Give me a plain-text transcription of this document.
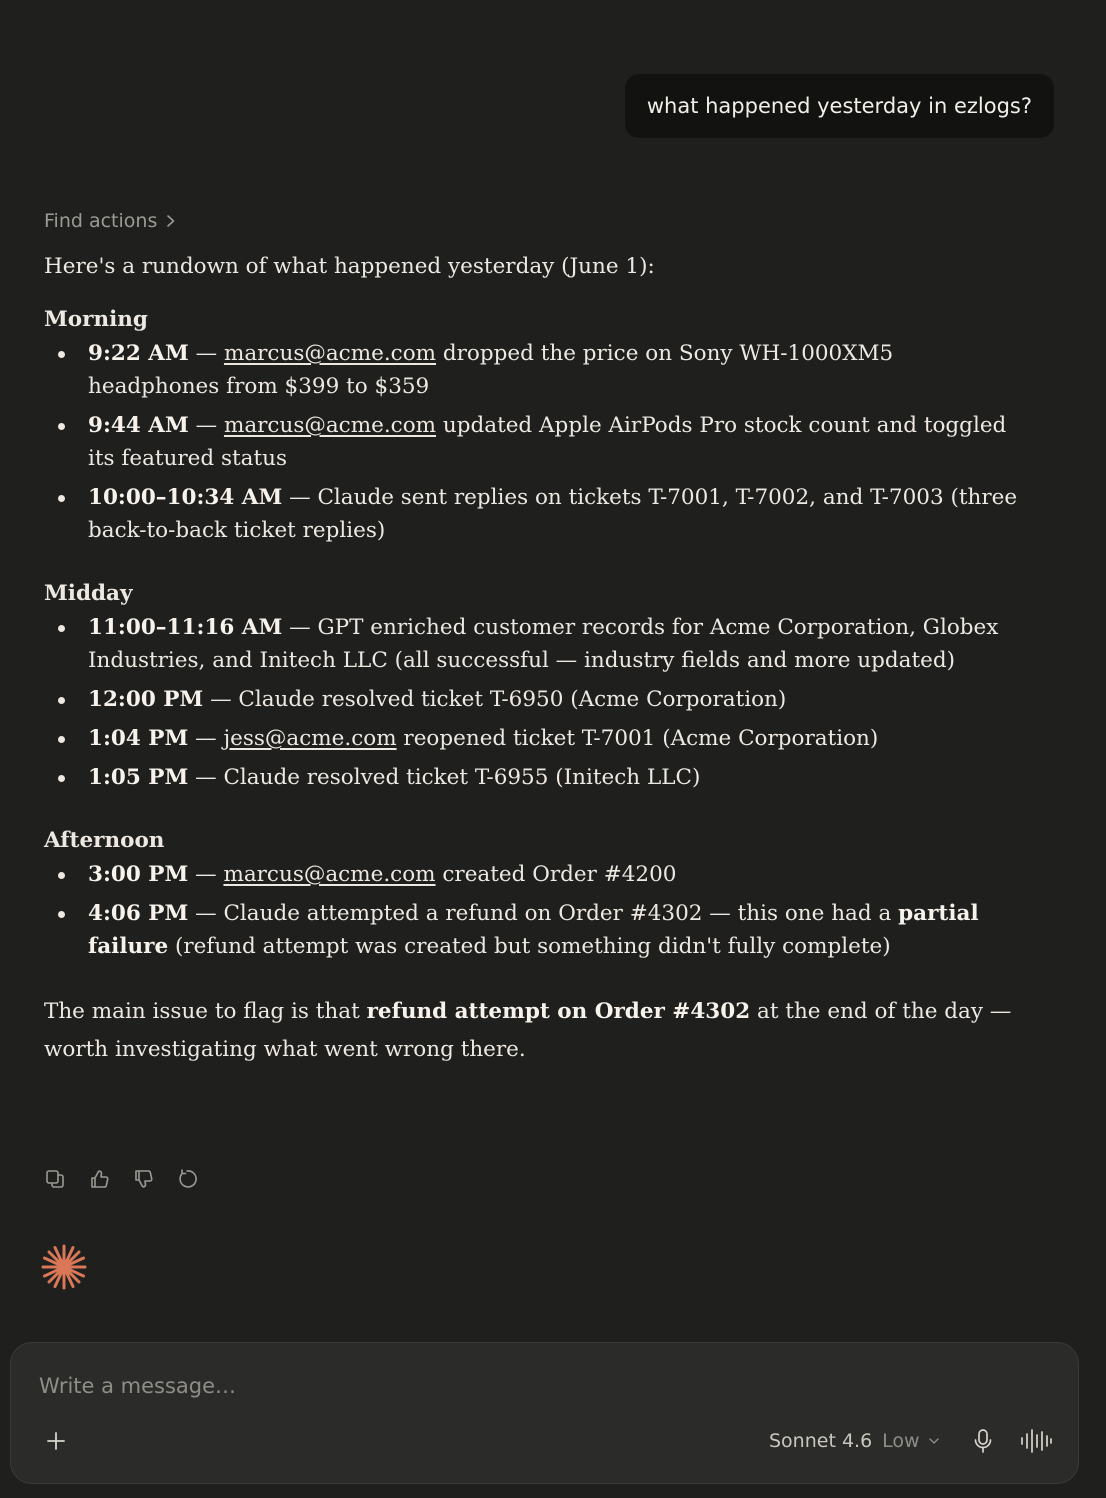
what happened yesterday in ezlogs?
Find actions

Here's a rundown of what happened yesterday (June 1):

Morning

9:22 AM — marcus@acme.com dropped the price on Sony WH-1000XM5 headphones from $399 to $359
9:44 AM — marcus@acme.com updated Apple AirPods Pro stock count and toggled its featured status
10:00–10:34 AM — Claude sent replies on tickets T-7001, T-7002, and T-7003 (three back-to-back ticket replies)

Midday

11:00–11:16 AM — GPT enriched customer records for Acme Corporation, Globex Industries, and Initech LLC (all successful — industry fields and more updated)
12:00 PM — Claude resolved ticket T-6950 (Acme Corporation)
1:04 PM — jess@acme.com reopened ticket T-7001 (Acme Corporation)
1:05 PM — Claude resolved ticket T-6955 (Initech LLC)

Afternoon

3:00 PM — marcus@acme.com created Order #4200
4:06 PM — Claude attempted a refund on Order #4302 — this one had a partial failure (refund attempt was created but something didn't fully complete)

The main issue to flag is that refund attempt on Order #4302 at the end of the day — worth investigating what went wrong there.

Write a message…
Sonnet 4.6 Low
